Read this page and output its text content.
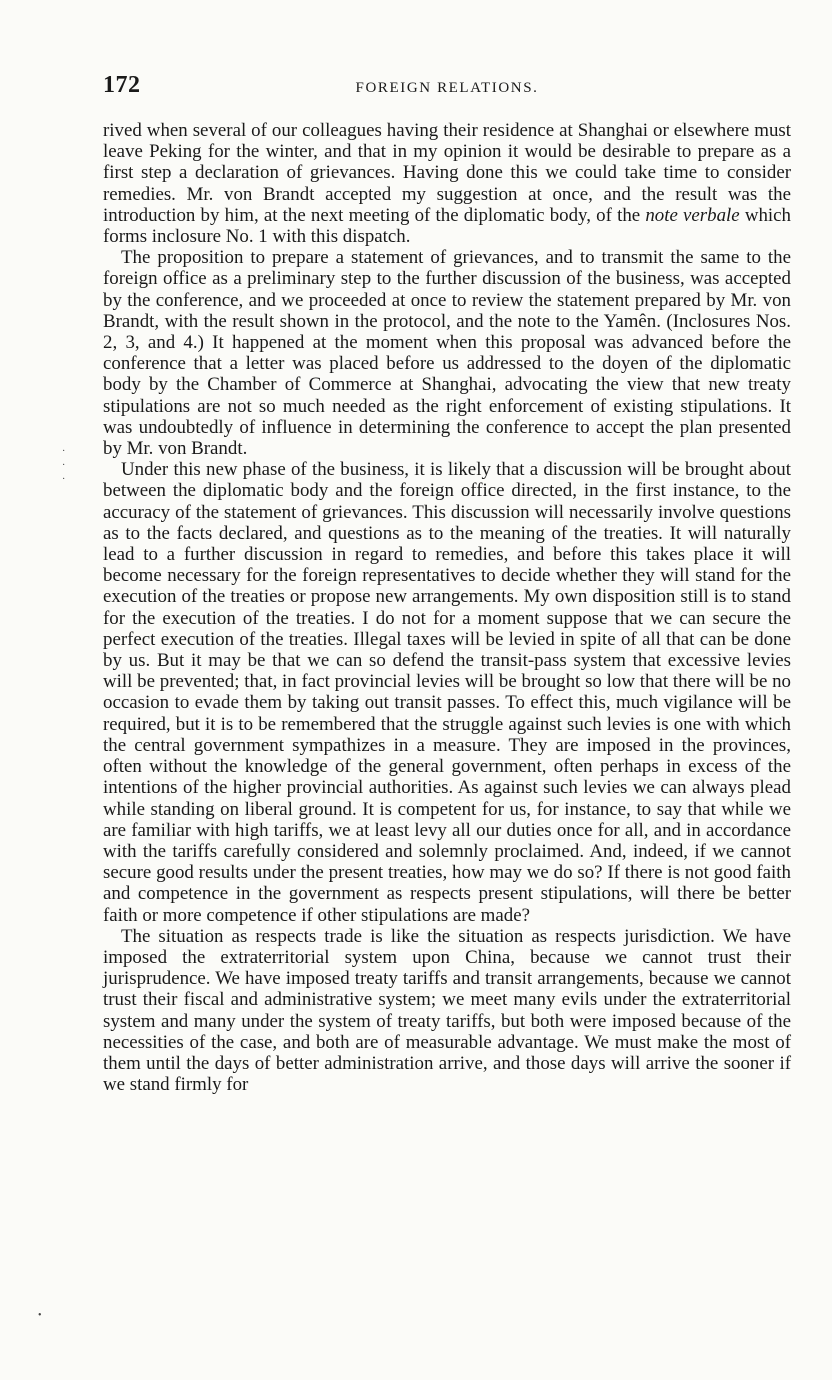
172	FOREIGN RELATIONS.

rived when several of our colleagues having their residence at Shanghai or elsewhere must leave Peking for the winter, and that in my opinion it would be desirable to prepare as a first step a declaration of grievances. Having done this we could take time to consider remedies. Mr. von Brandt accepted my suggestion at once, and the result was the introduction by him, at the next meeting of the diplomatic body, of the note verbale which forms inclosure No. 1 with this dispatch.

The proposition to prepare a statement of grievances, and to transmit the same to the foreign office as a preliminary step to the further discussion of the business, was accepted by the conference, and we proceeded at once to review the statement prepared by Mr. von Brandt, with the result shown in the protocol, and the note to the Yamên. (Inclosures Nos. 2, 3, and 4.) It happened at the moment when this proposal was advanced before the conference that a letter was placed before us addressed to the doyen of the diplomatic body by the Chamber of Commerce at Shanghai, advocating the view that new treaty stipulations are not so much needed as the right enforcement of existing stipulations. It was undoubtedly of influence in determining the conference to accept the plan presented by Mr. von Brandt.

Under this new phase of the business, it is likely that a discussion will be brought about between the diplomatic body and the foreign office directed, in the first instance, to the accuracy of the statement of grievances. This discussion will necessarily involve questions as to the facts declared, and questions as to the meaning of the treaties. It will naturally lead to a further discussion in regard to remedies, and before this takes place it will become necessary for the foreign representatives to decide whether they will stand for the execution of the treaties or propose new arrangements. My own disposition still is to stand for the execution of the treaties. I do not for a moment suppose that we can secure the perfect execution of the treaties. Illegal taxes will be levied in spite of all that can be done by us. But it may be that we can so defend the transit-pass system that excessive levies will be prevented; that, in fact provincial levies will be brought so low that there will be no occasion to evade them by taking out transit passes. To effect this, much vigilance will be required, but it is to be remembered that the struggle against such levies is one with which the central government sympathizes in a measure. They are imposed in the provinces, often without the knowledge of the general government, often perhaps in excess of the intentions of the higher provincial authorities. As against such levies we can always plead while standing on liberal ground. It is competent for us, for instance, to say that while we are familiar with high tariffs, we at least levy all our duties once for all, and in accordance with the tariffs carefully considered and solemnly proclaimed. And, indeed, if we cannot secure good results under the present treaties, how may we do so? If there is not good faith and competence in the government as respects present stipulations, will there be better faith or more competence if other stipulations are made?

The situation as respects trade is like the situation as respects jurisdiction. We have imposed the extraterritorial system upon China, because we cannot trust their jurisprudence. We have imposed treaty tariffs and transit arrangements, because we cannot trust their fiscal and administrative system; we meet many evils under the extraterritorial system and many under the system of treaty tariffs, but both were imposed because of the necessities of the case, and both are of measurable advantage. We must make the most of them until the days of better administration arrive, and those days will arrive the sooner if we stand firmly for

·
·
·
•
